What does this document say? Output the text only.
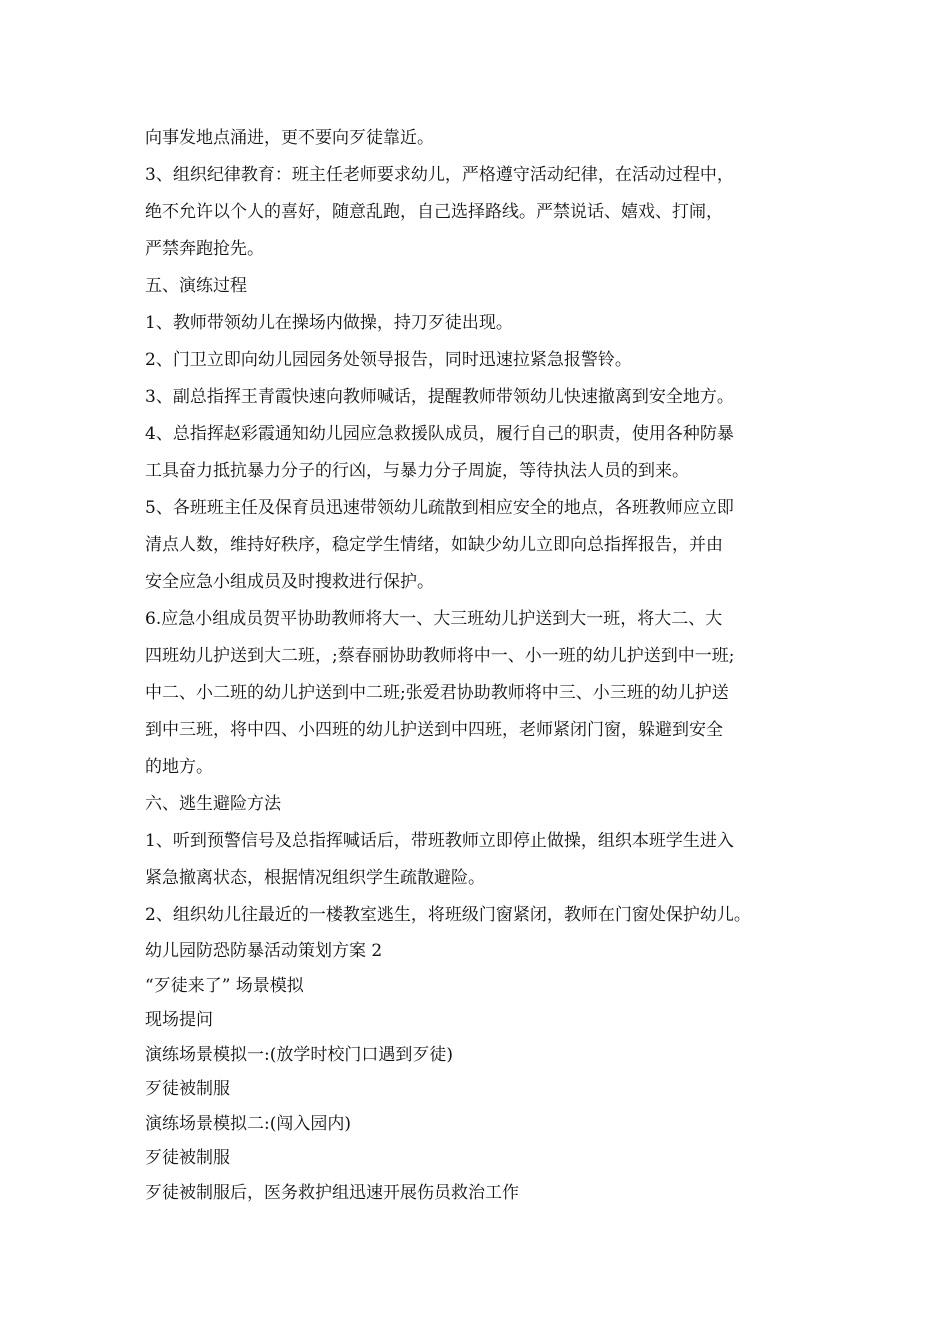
向事发地点涌进，更不要向歹徒靠近。

3、组织纪律教育：班主任老师要求幼儿，严格遵守活动纪律，在活动过程中，

绝不允许以个人的喜好，随意乱跑，自己选择路线。严禁说话、嬉戏、打闹，

严禁奔跑抢先。

五、演练过程

1、教师带领幼儿在操场内做操，持刀歹徒出现。

2、门卫立即向幼儿园园务处领导报告，同时迅速拉紧急报警铃。

3、副总指挥王青霞快速向教师喊话，提醒教师带领幼儿快速撤离到安全地方。

4、总指挥赵彩霞通知幼儿园应急救援队成员，履行自己的职责，使用各种防暴

工具奋力抵抗暴力分子的行凶，与暴力分子周旋，等待执法人员的到来。

5、各班班主任及保育员迅速带领幼儿疏散到相应安全的地点，各班教师应立即

清点人数，维持好秩序，稳定学生情绪，如缺少幼儿立即向总指挥报告，并由

安全应急小组成员及时搜救进行保护。

6.应急小组成员贺平协助教师将大一、大三班幼儿护送到大一班，将大二、大

四班幼儿护送到大二班，;蔡春丽协助教师将中一、小一班的幼儿护送到中一班;

中二、小二班的幼儿护送到中二班;张爱君协助教师将中三、小三班的幼儿护送

到中三班，将中四、小四班的幼儿护送到中四班，老师紧闭门窗，躲避到安全

的地方。

六、逃生避险方法

1、听到预警信号及总指挥喊话后，带班教师立即停止做操，组织本班学生进入

紧急撤离状态，根据情况组织学生疏散避险。

2、组织幼儿往最近的一楼教室逃生，将班级门窗紧闭，教师在门窗处保护幼儿。

幼儿园防恐防暴活动策划方案 2

“歹徒来了” 场景模拟

现场提问

演练场景模拟一:(放学时校门口遇到歹徒)

歹徒被制服

演练场景模拟二:(闯入园内)

歹徒被制服

歹徒被制服后，医务救护组迅速开展伤员救治工作
